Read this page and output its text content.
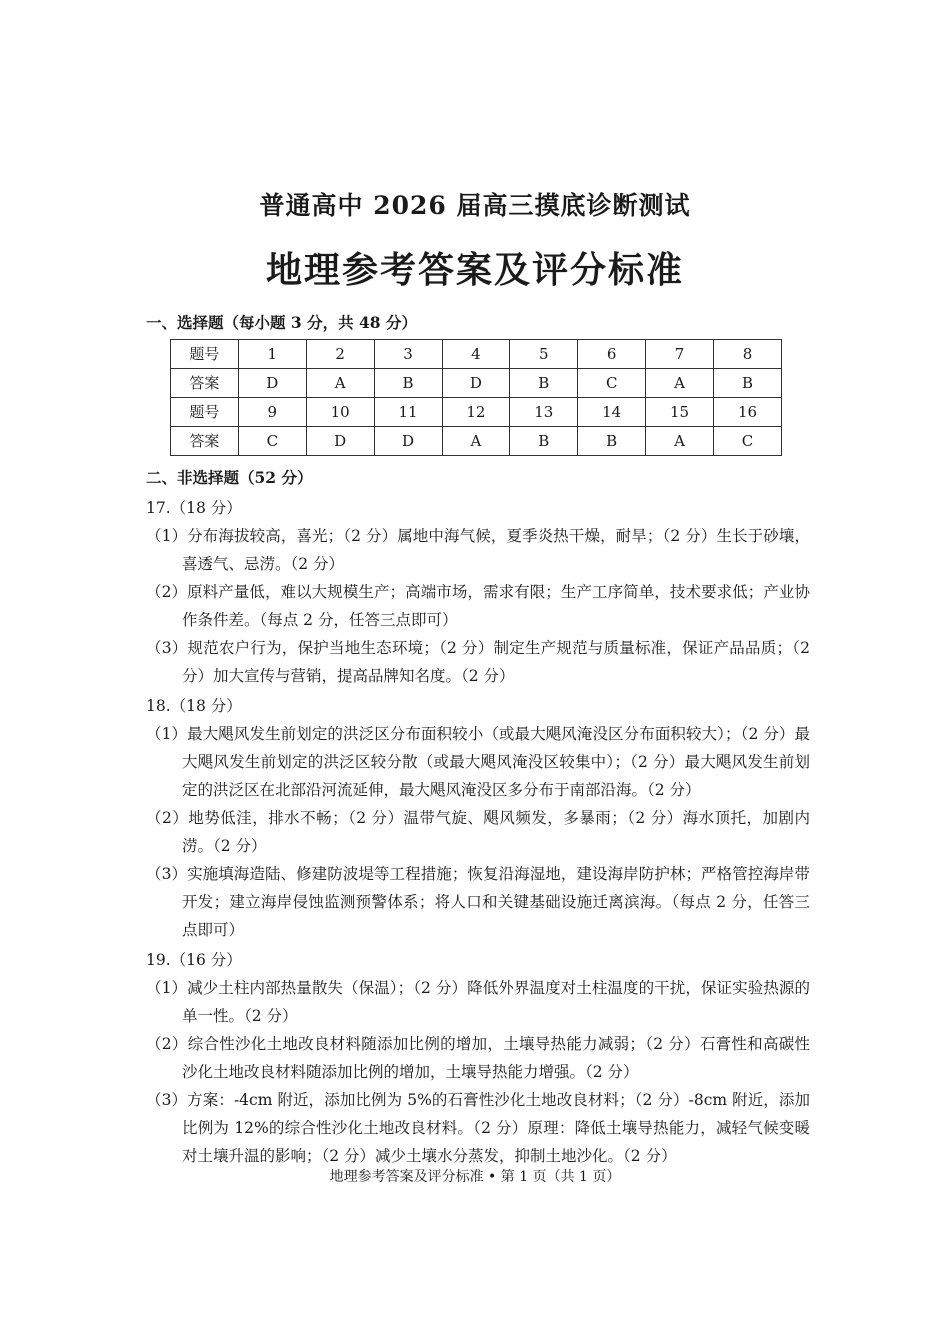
普通高中 2026 届高三摸底诊断测试
地理参考答案及评分标准
一、选择题（每小题 3 分，共 48 分）
题号	1	2	3	4	5	6	7	8
答案	D	A	B	D	B	C	A	B
题号	9	10	11	12	13	14	15	16
答案	C	D	D	A	B	B	A	C
二、非选择题（52 分）
17.（18 分）
（1）分布海拔较高，喜光；（2 分）属地中海气候，夏季炎热干燥，耐旱；（2 分）生长于砂壤，喜透气、忌涝。（2 分）
（2）原料产量低，难以大规模生产；高端市场，需求有限；生产工序简单，技术要求低；产业协作条件差。（每点 2 分，任答三点即可）
（3）规范农户行为，保护当地生态环境；（2 分）制定生产规范与质量标准，保证产品品质；（2 分）加大宣传与营销，提高品牌知名度。（2 分）
18.（18 分）
（1）最大飓风发生前划定的洪泛区分布面积较小（或最大飓风淹没区分布面积较大）；（2 分）最大飓风发生前划定的洪泛区较分散（或最大飓风淹没区较集中）；（2 分）最大飓风发生前划定的洪泛区在北部沿河流延伸，最大飓风淹没区多分布于南部沿海。（2 分）
（2）地势低洼，排水不畅；（2 分）温带气旋、飓风频发，多暴雨；（2 分）海水顶托，加剧内涝。（2 分）
（3）实施填海造陆、修建防波堤等工程措施；恢复沿海湿地，建设海岸防护林；严格管控海岸带开发；建立海岸侵蚀监测预警体系；将人口和关键基础设施迁离滨海。（每点 2 分，任答三点即可）
19.（16 分）
（1）减少土柱内部热量散失（保温）；（2 分）降低外界温度对土柱温度的干扰，保证实验热源的单一性。（2 分）
（2）综合性沙化土地改良材料随添加比例的增加，土壤导热能力减弱；（2 分）石膏性和高碳性沙化土地改良材料随添加比例的增加，土壤导热能力增强。（2 分）
（3）方案：-4cm 附近，添加比例为 5%的石膏性沙化土地改良材料；（2 分）-8cm 附近，添加比例为 12%的综合性沙化土地改良材料。（2 分）原理：降低土壤导热能力，减轻气候变暖对土壤升温的影响；（2 分）减少土壤水分蒸发，抑制土地沙化。（2 分）
地理参考答案及评分标准 • 第 1 页（共 1 页）
